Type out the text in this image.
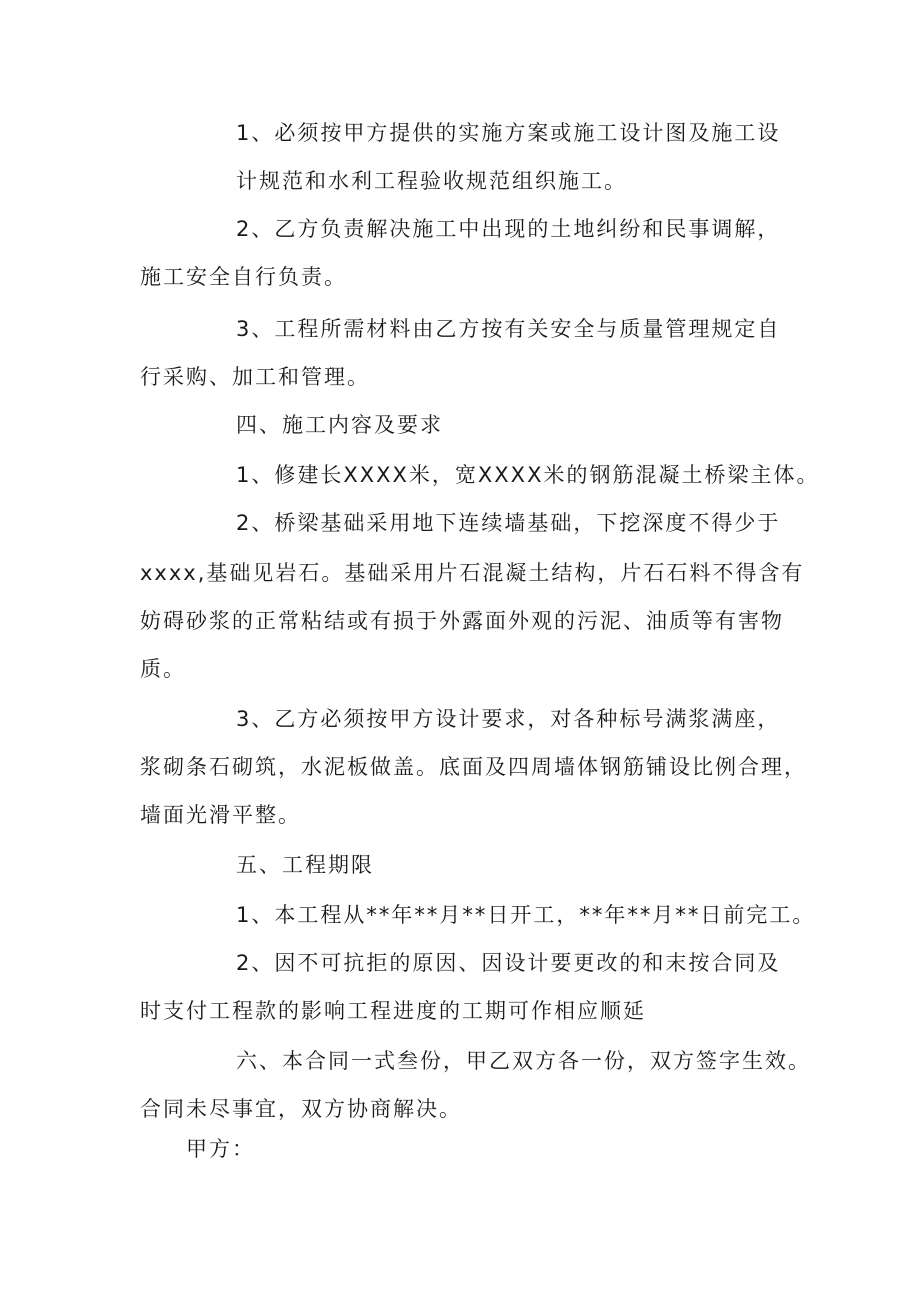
1、必须按甲方提供的实施方案或施工设计图及施工设
计规范和水利工程验收规范组织施工。
2、乙方负责解决施工中出现的土地纠纷和民事调解，
施工安全自行负责。
3、工程所需材料由乙方按有关安全与质量管理规定自
行采购、加工和管理。
四、施工内容及要求
1、修建长XXXX米，宽XXXX米的钢筋混凝土桥梁主体。
2、桥梁基础采用地下连续墙基础，下挖深度不得少于
xxxx,基础见岩石。基础采用片石混凝土结构，片石石料不得含有
妨碍砂浆的正常粘结或有损于外露面外观的污泥、油质等有害物
质。
3、乙方必须按甲方设计要求，对各种标号满浆满座，
浆砌条石砌筑，水泥板做盖。底面及四周墙体钢筋铺设比例合理，
墙面光滑平整。
五、工程期限
1、本工程从**年**月**日开工，**年**月**日前完工。
2、因不可抗拒的原因、因设计要更改的和末按合同及
时支付工程款的影响工程进度的工期可作相应顺延
六、本合同一式叁份，甲乙双方各一份，双方签字生效。
合同未尽事宜，双方协商解决。
甲方：
